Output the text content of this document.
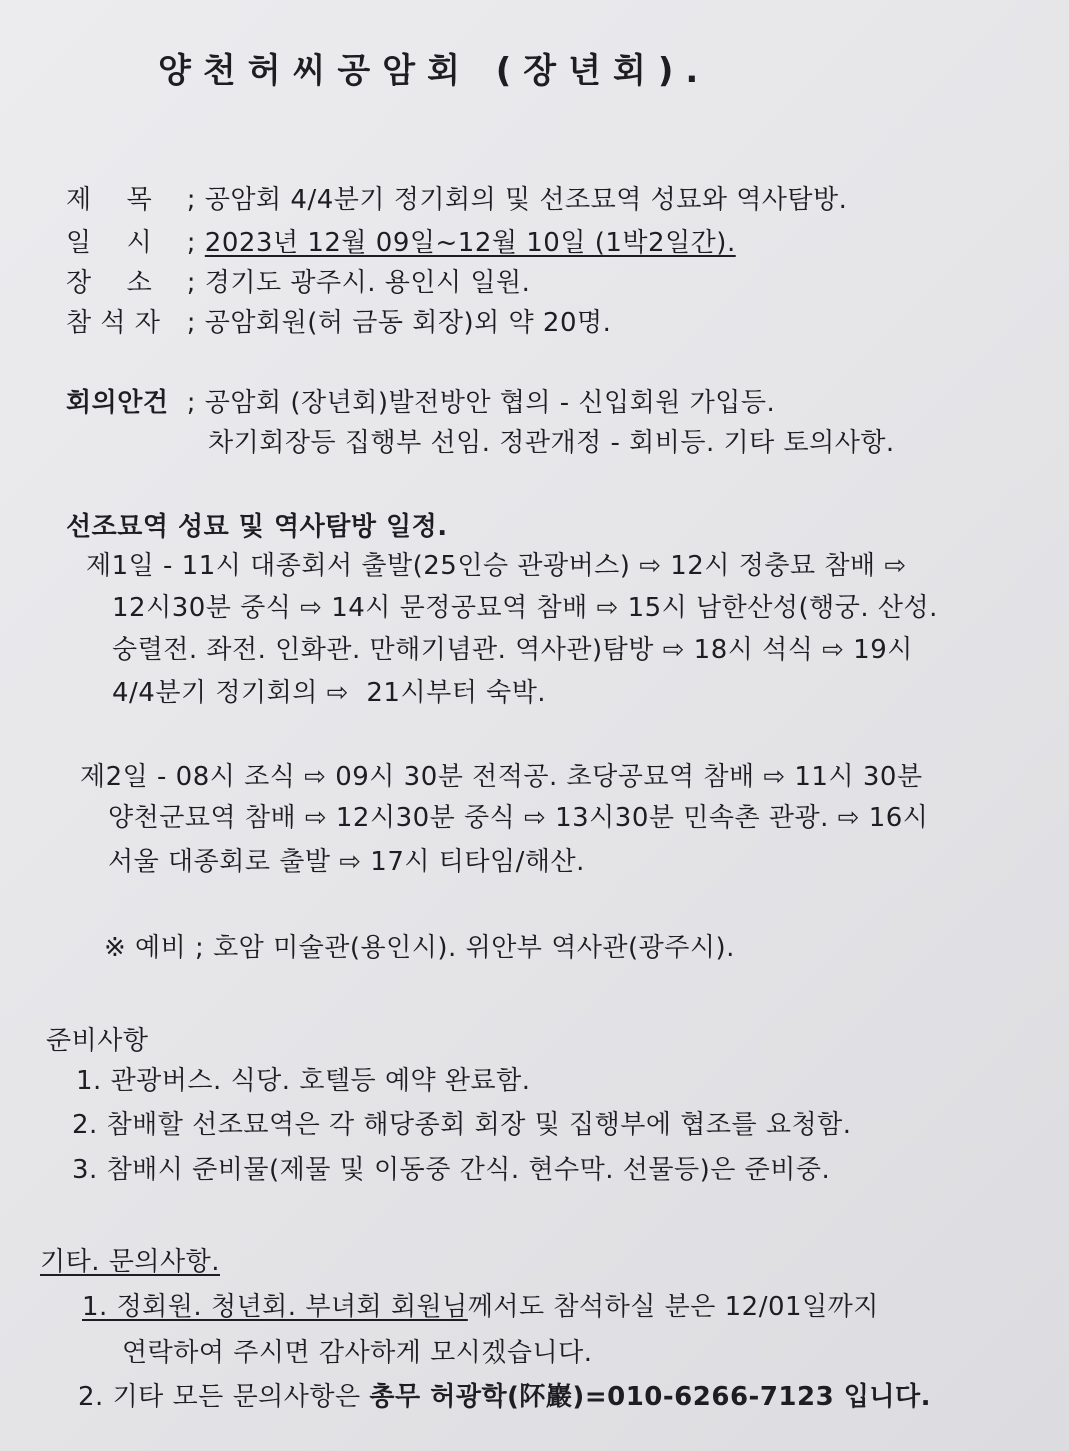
양천허씨공암회 (장년회).
제    목 ; 공암회 4/4분기 정기회의 및 선조묘역 성묘와 역사탐방.
일    시 ; 2023년 12월 09일~12월 10일 (1박2일간).
장    소 ; 경기도 광주시. 용인시 일원.
참 석 자 ; 공암회원(허 금동 회장)외 약 20명.
회의안건 ; 공암회 (장년회)발전방안 협의 - 신입회원 가입등.
차기회장등 집행부 선임. 정관개정 - 회비등. 기타 토의사항.
선조묘역 성묘 및 역사탐방 일정.
제1일 - 11시 대종회서 출발(25인승 관광버스) ⇨ 12시 정충묘 참배 ⇨
12시30분 중식 ⇨ 14시 문정공묘역 참배 ⇨ 15시 남한산성(행궁. 산성.
숭렬전. 좌전. 인화관. 만해기념관. 역사관)탐방 ⇨ 18시 석식 ⇨ 19시
4/4분기 정기회의 ⇨  21시부터 숙박.
제2일 - 08시 조식 ⇨ 09시 30분 전적공. 초당공묘역 참배 ⇨ 11시 30분
양천군묘역 참배 ⇨ 12시30분 중식 ⇨ 13시30분 민속촌 관광. ⇨ 16시
서울 대종회로 출발 ⇨ 17시 티타임/해산.
※ 예비 ; 호암 미술관(용인시). 위안부 역사관(광주시).
준비사항
1. 관광버스. 식당. 호텔등 예약 완료함.
2. 참배할 선조묘역은 각 해당종회 회장 및 집행부에 협조를 요청함.
3. 참배시 준비물(제물 및 이동중 간식. 현수막. 선물등)은 준비중.
기타. 문의사항.
1. 정회원. 청년회. 부녀회 회원님께서도 참석하실 분은 12/01일까지
연락하여 주시면 감사하게 모시겠습니다.
2. 기타 모든 문의사항은 총무 허광학(阫巖)=010-6266-7123 입니다.
